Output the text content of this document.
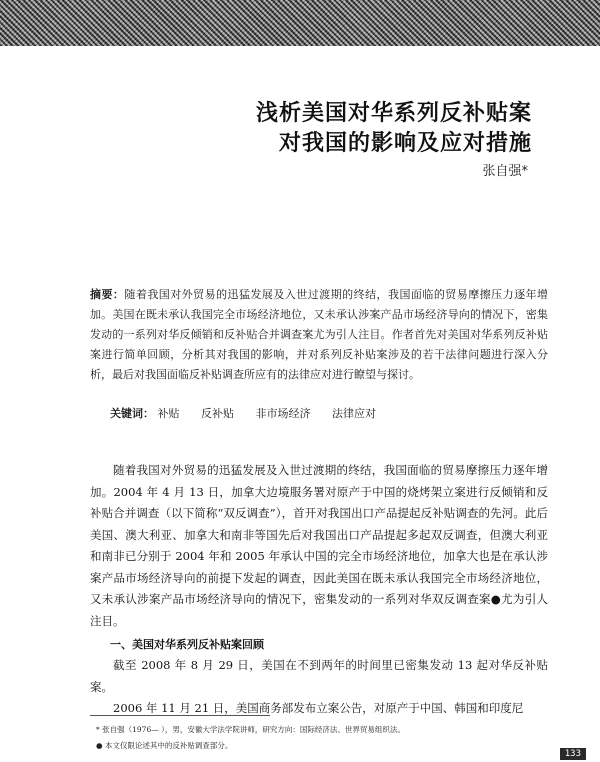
浅析美国对华系列反补贴案
对我国的影响及应对措施
张自强*
摘要：随着我国对外贸易的迅猛发展及入世过渡期的终结，我国面临的贸易摩擦压力逐年增加。美国在既未承认我国完全市场经济地位，又未承认涉案产品市场经济导向的情况下，密集发动的一系列对华反倾销和反补贴合并调查案尤为引人注目。作者首先对美国对华系列反补贴案进行简单回顾，分析其对我国的影响，并对系列反补贴案涉及的若干法律问题进行深入分析，最后对我国面临反补贴调查所应有的法律应对进行瞭望与探讨。
关键词： 补贴 反补贴 非市场经济 法律应对

随着我国对外贸易的迅猛发展及入世过渡期的终结，我国面临的贸易摩擦压力逐年增加。2004 年 4 月 13 日，加拿大边境服务署对原产于中国的烧烤架立案进行反倾销和反补贴合并调查（以下简称“双反调查”），首开对我国出口产品提起反补贴调查的先河。此后美国、澳大利亚、加拿大和南非等国先后对我国出口产品提起多起双反调查，但澳大利亚和南非已分别于 2004 年和 2005 年承认中国的完全市场经济地位，加拿大也是在承认涉案产品市场经济导向的前提下发起的调查，因此美国在既未承认我国完全市场经济地位，又未承认涉案产品市场经济导向的情况下，密集发动的一系列对华双反调查案●尤为引人注目。

一、美国对华系列反补贴案回顾

截至 2008 年 8 月 29 日，美国在不到两年的时间里已密集发动 13 起对华反补贴案。

2006 年 11 月 21 日，美国商务部发布立案公告，对原产于中国、韩国和印度尼

* 张自强（1976— ），男，安徽大学法学院讲师，研究方向：国际经济法、世界贸易组织法。
● 本文仅限论述其中的反补贴调查部分。
133
